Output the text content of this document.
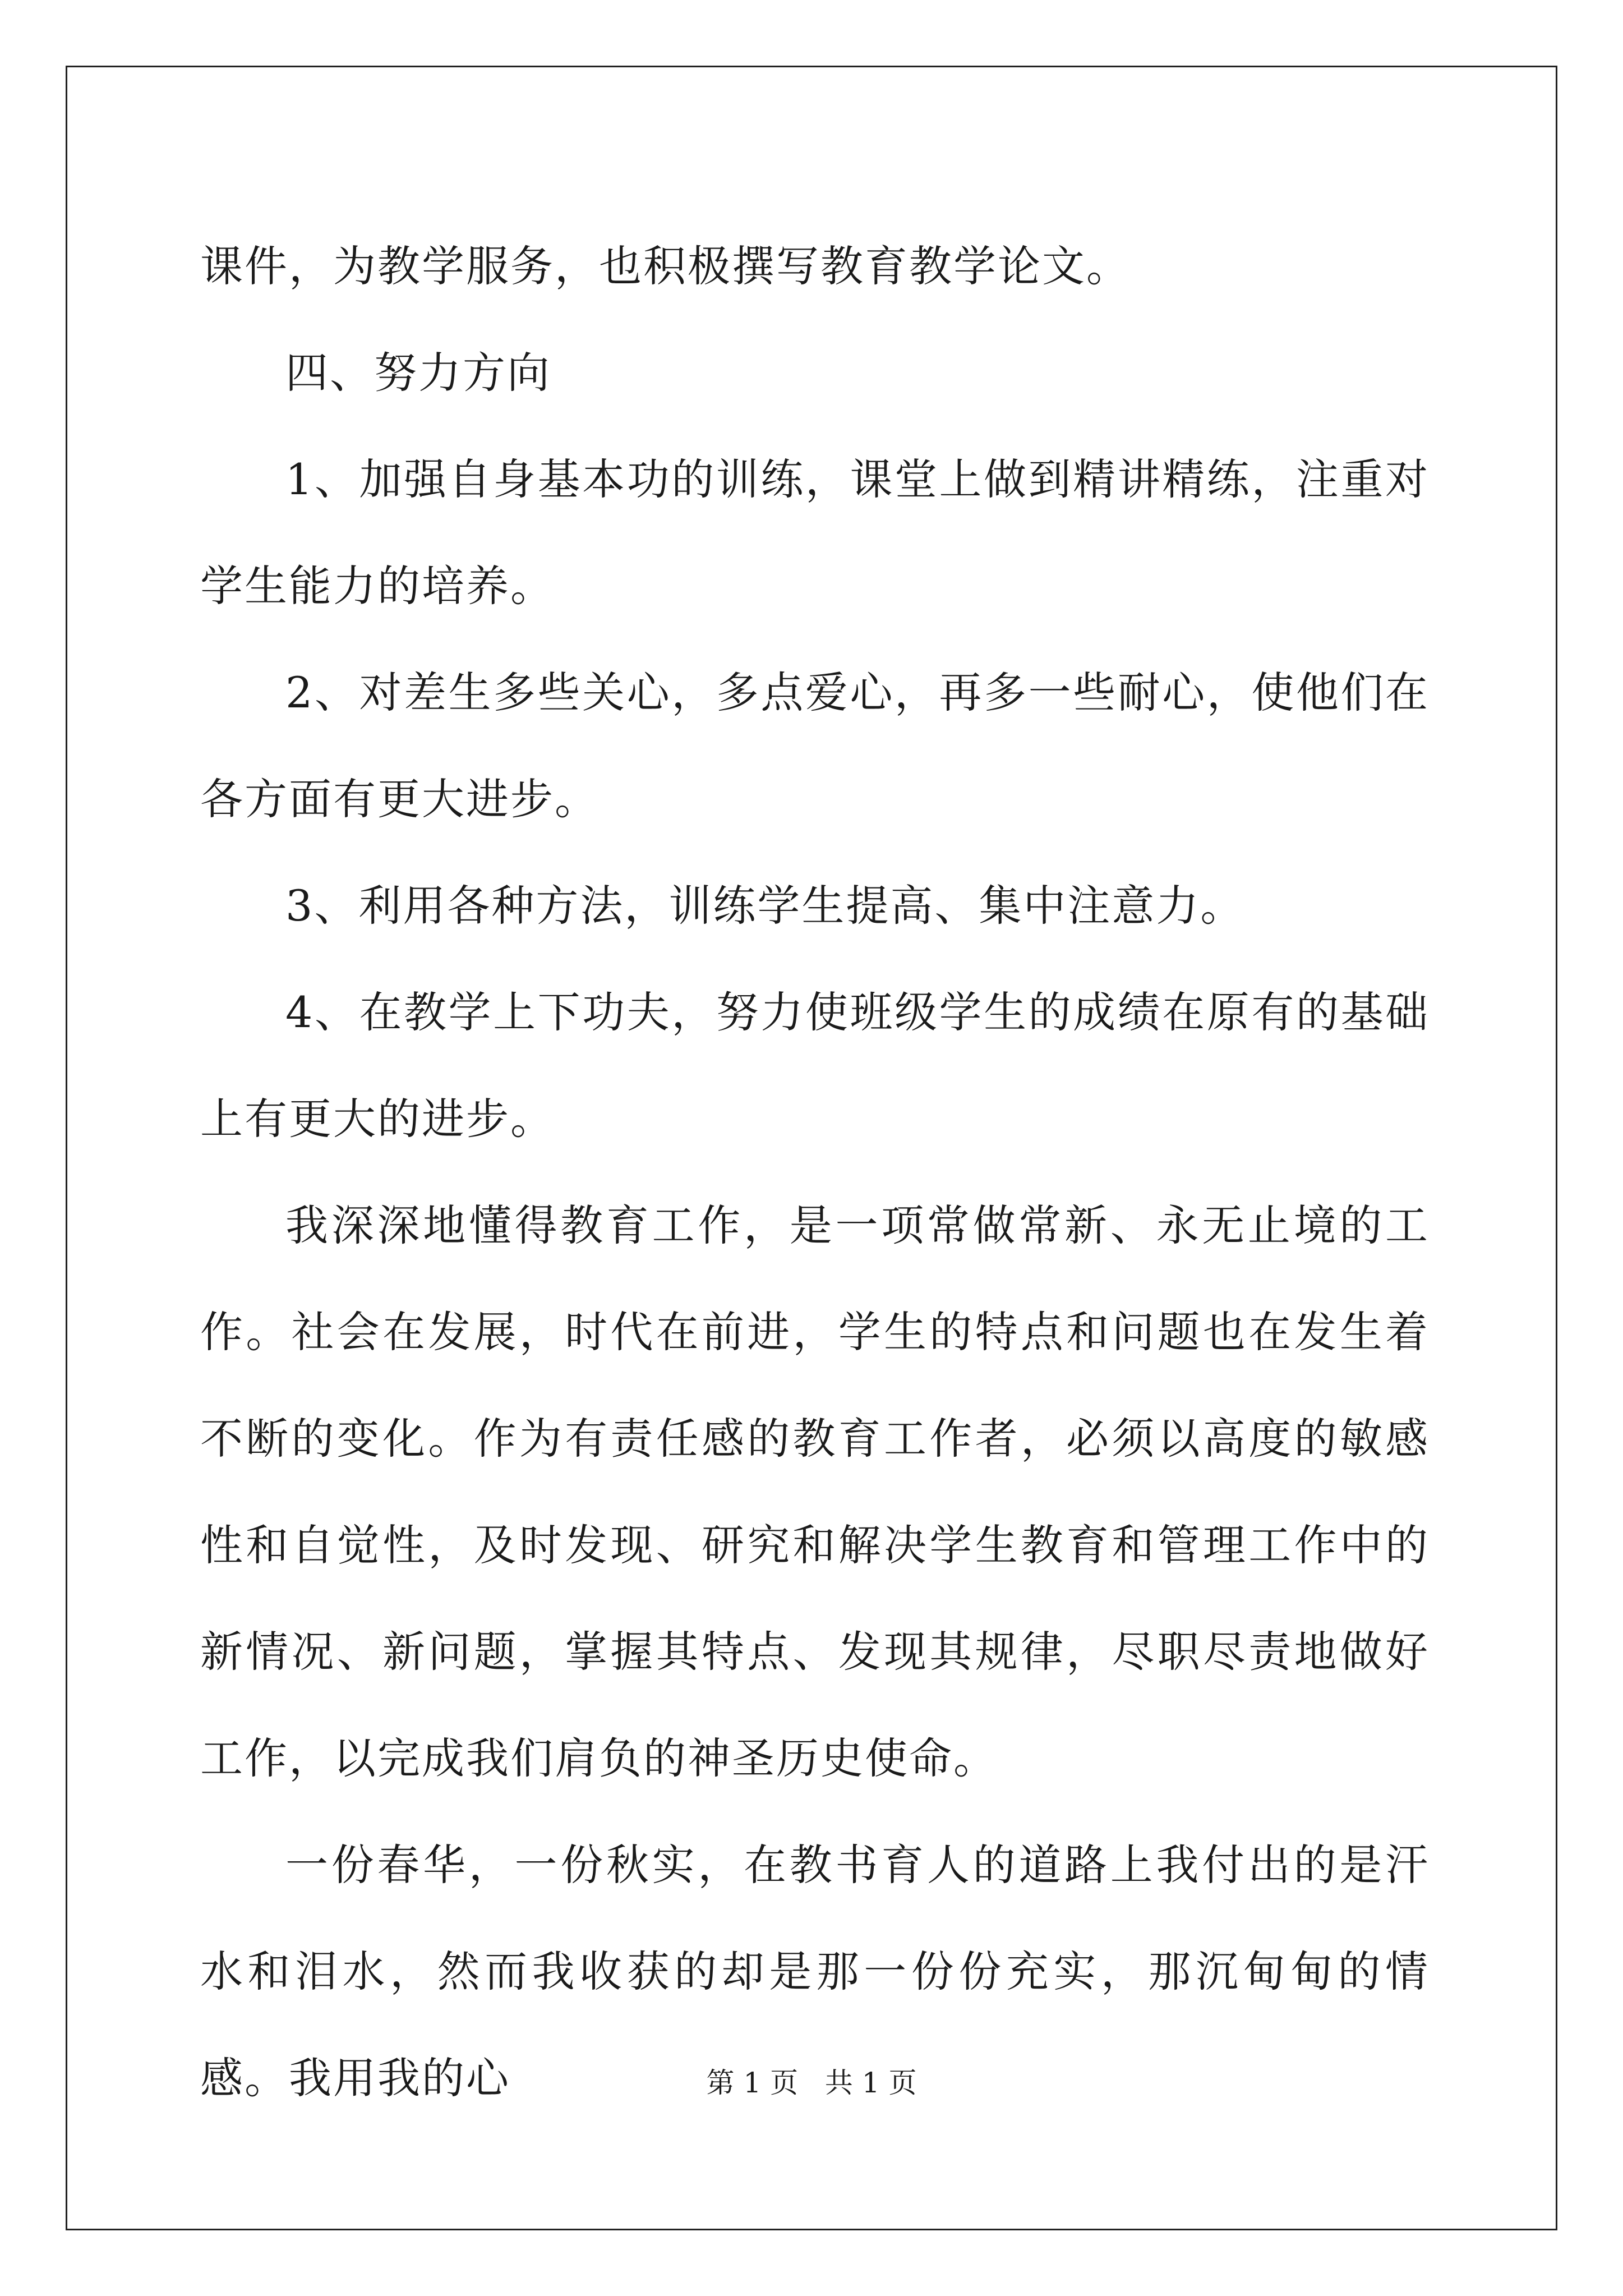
课件，为教学服务，也积极撰写教育教学论文。

四、努力方向

1、加强自身基本功的训练，课堂上做到精讲精练，注重对学生能力的培养。

2、对差生多些关心，多点爱心，再多一些耐心，使他们在各方面有更大进步。

3、利用各种方法，训练学生提高、集中注意力。

4、在教学上下功夫，努力使班级学生的成绩在原有的基础上有更大的进步。

我深深地懂得教育工作，是一项常做常新、永无止境的工作。社会在发展，时代在前进，学生的特点和问题也在发生着不断的变化。作为有责任感的教育工作者，必须以高度的敏感性和自觉性，及时发现、研究和解决学生教育和管理工作中的新情况、新问题，掌握其特点、发现其规律，尽职尽责地做好工作，以完成我们肩负的神圣历史使命。

一份春华，一份秋实，在教书育人的道路上我付出的是汗水和泪水，然而我收获的却是那一份份充实，那沉甸甸的情感。我用我的心	第 1 页 共 1 页
